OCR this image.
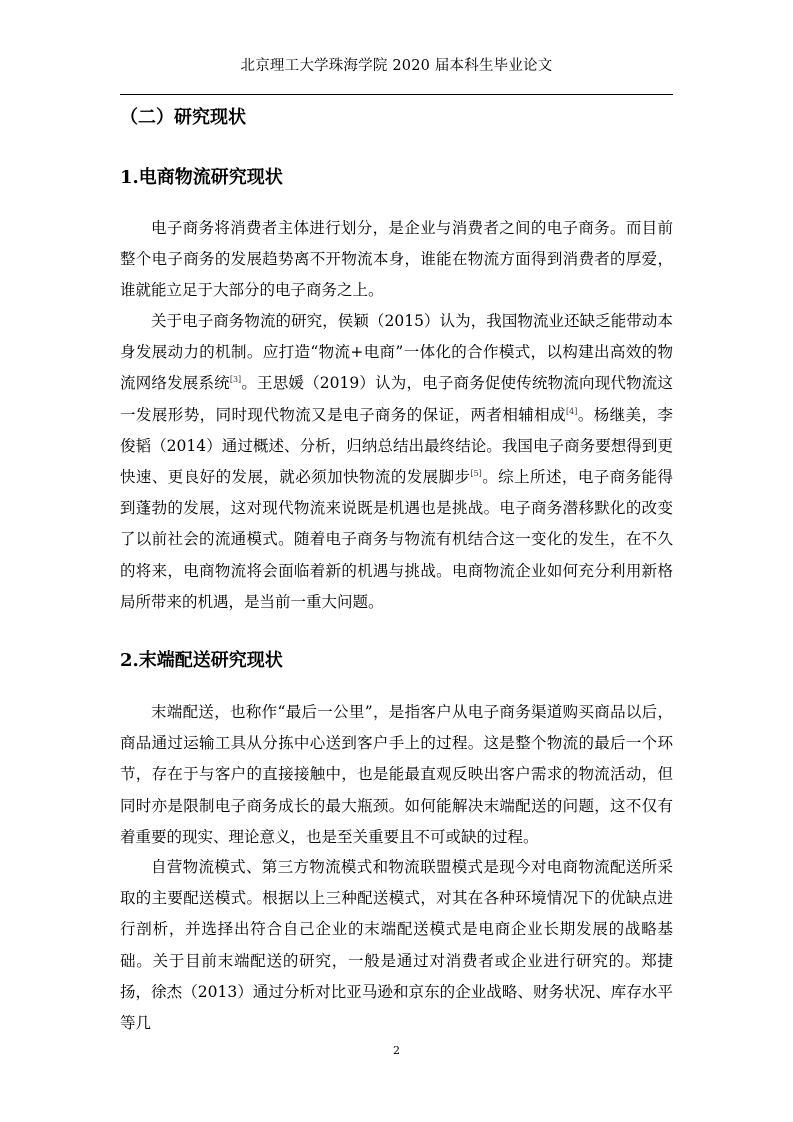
北京理工大学珠海学院 2020 届本科生毕业论文
（二）研究现状
1.电商物流研究现状

电子商务将消费者主体进行划分，是企业与消费者之间的电子商务。而目前整个电子商务的发展趋势离不开物流本身，谁能在物流方面得到消费者的厚爱，谁就能立足于大部分的电子商务之上。

关于电子商务物流的研究，侯颖（2015）认为，我国物流业还缺乏能带动本身发展动力的机制。应打造“物流+电商”一体化的合作模式，以构建出高效的物流网络发展系统[3]。王思媛（2019）认为，电子商务促使传统物流向现代物流这一发展形势，同时现代物流又是电子商务的保证，两者相辅相成[4]。杨继美，李俊韬（2014）通过概述、分析，归纳总结出最终结论。我国电子商务要想得到更快速、更良好的发展，就必须加快物流的发展脚步[5]。综上所述，电子商务能得到蓬勃的发展，这对现代物流来说既是机遇也是挑战。电子商务潜移默化的改变了以前社会的流通模式。随着电子商务与物流有机结合这一变化的发生，在不久的将来，电商物流将会面临着新的机遇与挑战。电商物流企业如何充分利用新格局所带来的机遇，是当前一重大问题。

2.末端配送研究现状

末端配送，也称作“最后一公里”，是指客户从电子商务渠道购买商品以后，商品通过运输工具从分拣中心送到客户手上的过程。这是整个物流的最后一个环节，存在于与客户的直接接触中，也是能最直观反映出客户需求的物流活动，但同时亦是限制电子商务成长的最大瓶颈。如何能解决末端配送的问题，这不仅有着重要的现实、理论意义，也是至关重要且不可或缺的过程。

自营物流模式、第三方物流模式和物流联盟模式是现今对电商物流配送所采取的主要配送模式。根据以上三种配送模式，对其在各种环境情况下的优缺点进行剖析，并选择出符合自己企业的末端配送模式是电商企业长期发展的战略基础。关于目前末端配送的研究，一般是通过对消费者或企业进行研究的。郑捷扬，徐杰（2013）通过分析对比亚马逊和京东的企业战略、财务状况、库存水平等几

2
